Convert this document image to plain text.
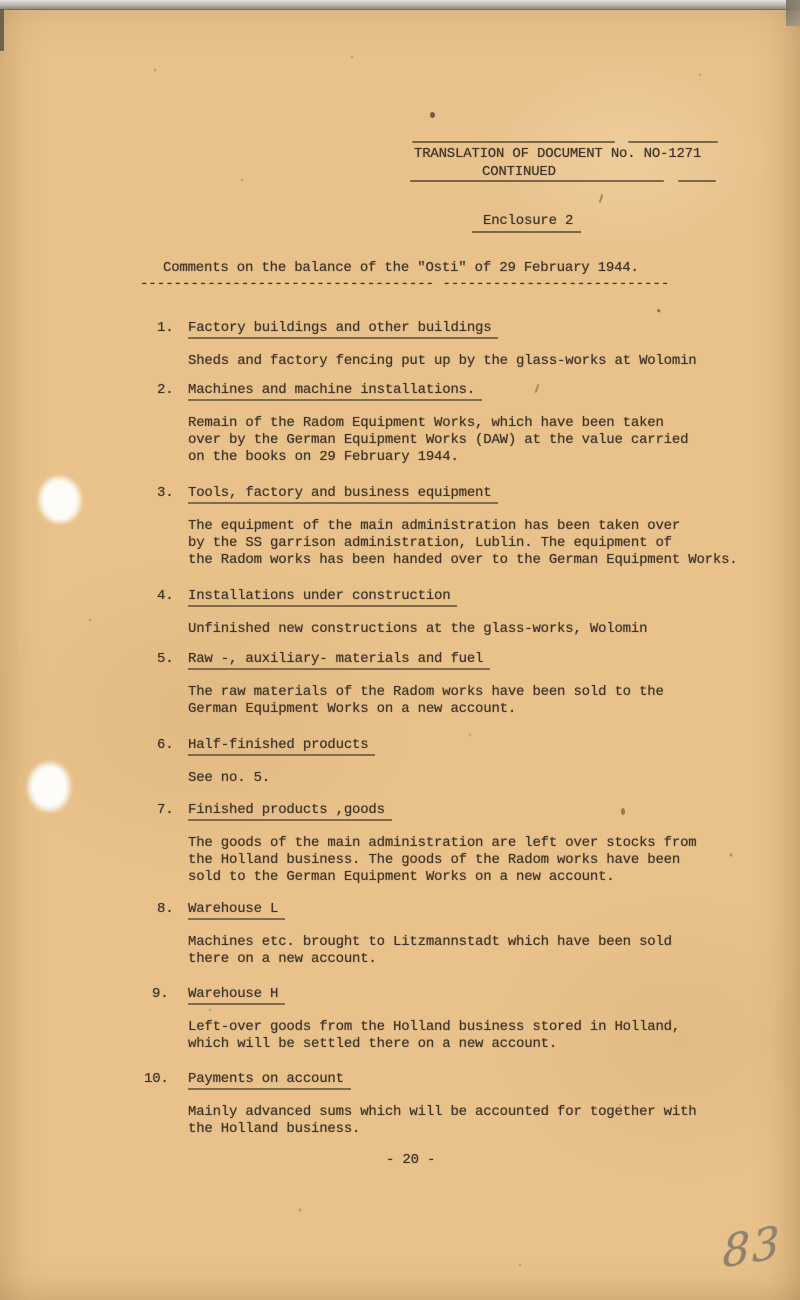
TRANSLATION OF DOCUMENT No. NO-1271
CONTINUED
Enclosure 2
Comments on the balance of the "Osti" of 29 February 1944.
----------------------------------- ---------------------------
1.	Factory buildings and other buildings
Sheds and factory fencing put up by the glass-works at Wolomin
2.	Machines and machine installations.
Remain of the Radom Equipment Works, which have been taken
over by the German Equipment Works (DAW) at the value carried
on the books on 29 February 1944.
3.	Tools, factory and business equipment
The equipment of the main administration has been taken over
by the SS garrison administration, Lublin. The equipment of
the Radom works has been handed over to the German Equipment Works.
4.	Installations under construction
Unfinished new constructions at the glass-works, Wolomin
5.	Raw -, auxiliary- materials and fuel
The raw materials of the Radom works have been sold to the
German Equipment Works on a new account.
6.	Half-finished products
See no. 5.
7.	Finished products ,goods
The goods of the main administration are left over stocks from
the Holland business. The goods of the Radom works have been
sold to the German Equipment Works on a new account.
8.	Warehouse L
Machines etc. brought to Litzmannstadt which have been sold
there on a new account.
9.	Warehouse H
Left-over goods from the Holland business stored in Holland,
which will be settled there on a new account.
10.	Payments on account
Mainly advanced sums which will be accounted for together with
the Holland business.
- 20 -
83
